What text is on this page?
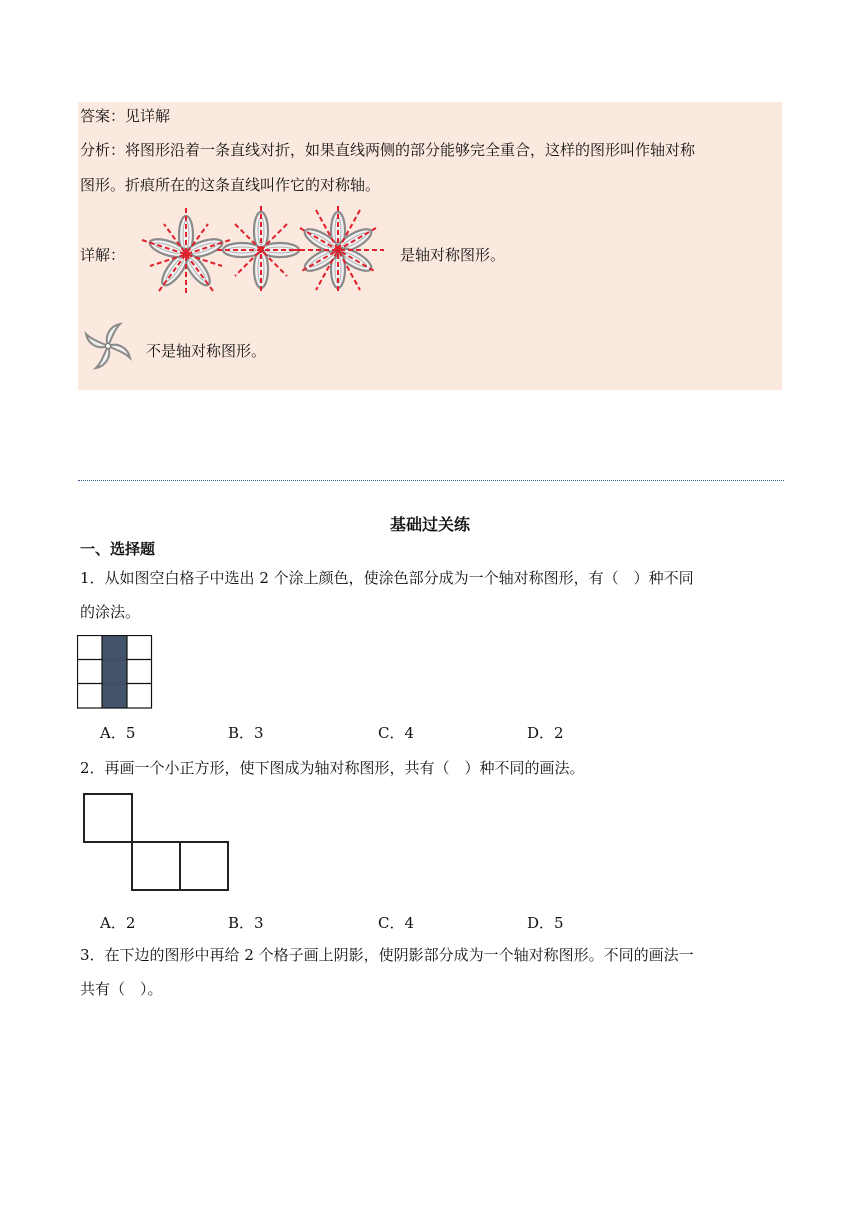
答案：见详解
分析：将图形沿着一条直线对折，如果直线两侧的部分能够完全重合，这样的图形叫作轴对称
图形。折痕所在的这条直线叫作它的对称轴。
详解：	是轴对称图形。
不是轴对称图形。
基础过关练
一、选择题
1．从如图空白格子中选出 2 个涂上颜色，使涂色部分成为一个轴对称图形，有（　）种不同
的涂法。
A．5	B．3	C．4	D．2
2．再画一个小正方形，使下图成为轴对称图形，共有（　）种不同的画法。
A．2	B．3	C．4	D．5
3．在下边的图形中再给 2 个格子画上阴影，使阴影部分成为一个轴对称图形。不同的画法一
共有（　）。
